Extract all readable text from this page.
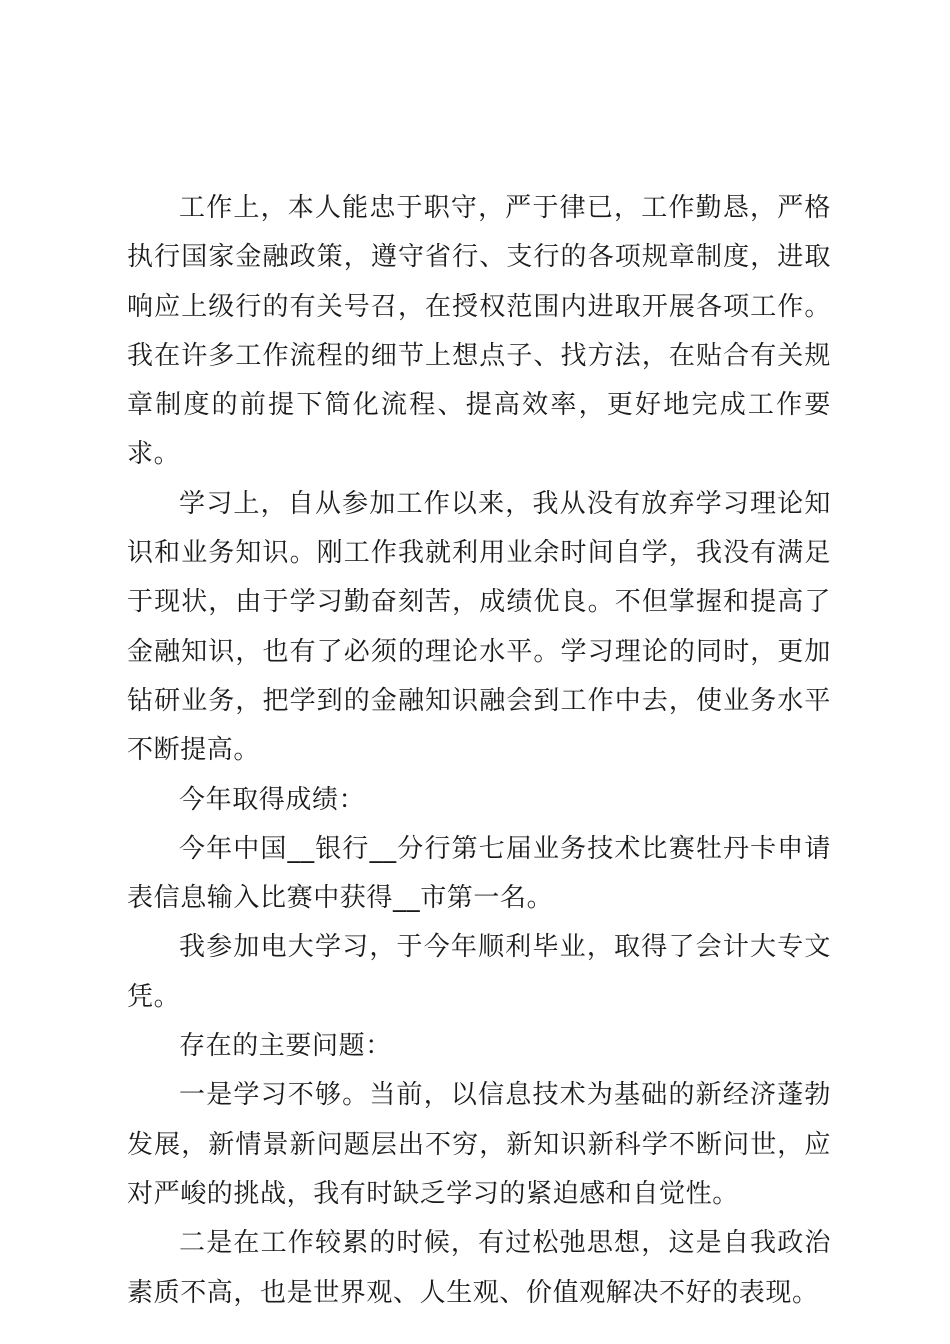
工作上，本人能忠于职守，严于律已，工作勤恳，严格执行国家金融政策，遵守省行、支行的各项规章制度，进取响应上级行的有关号召，在授权范围内进取开展各项工作。我在许多工作流程的细节上想点子、找方法，在贴合有关规章制度的前提下简化流程、提高效率，更好地完成工作要求。

学习上，自从参加工作以来，我从没有放弃学习理论知识和业务知识。刚工作我就利用业余时间自学，我没有满足于现状，由于学习勤奋刻苦，成绩优良。不但掌握和提高了金融知识，也有了必须的理论水平。学习理论的同时，更加钻研业务，把学到的金融知识融会到工作中去，使业务水平不断提高。

今年取得成绩：

今年中国__银行__分行第七届业务技术比赛牡丹卡申请表信息输入比赛中获得__市第一名。

我参加电大学习，于今年顺利毕业，取得了会计大专文凭。

存在的主要问题：

一是学习不够。当前，以信息技术为基础的新经济蓬勃发展，新情景新问题层出不穷，新知识新科学不断问世，应对严峻的挑战，我有时缺乏学习的紧迫感和自觉性。

二是在工作较累的时候，有过松弛思想，这是自我政治素质不高，也是世界观、人生观、价值观解决不好的表现。
